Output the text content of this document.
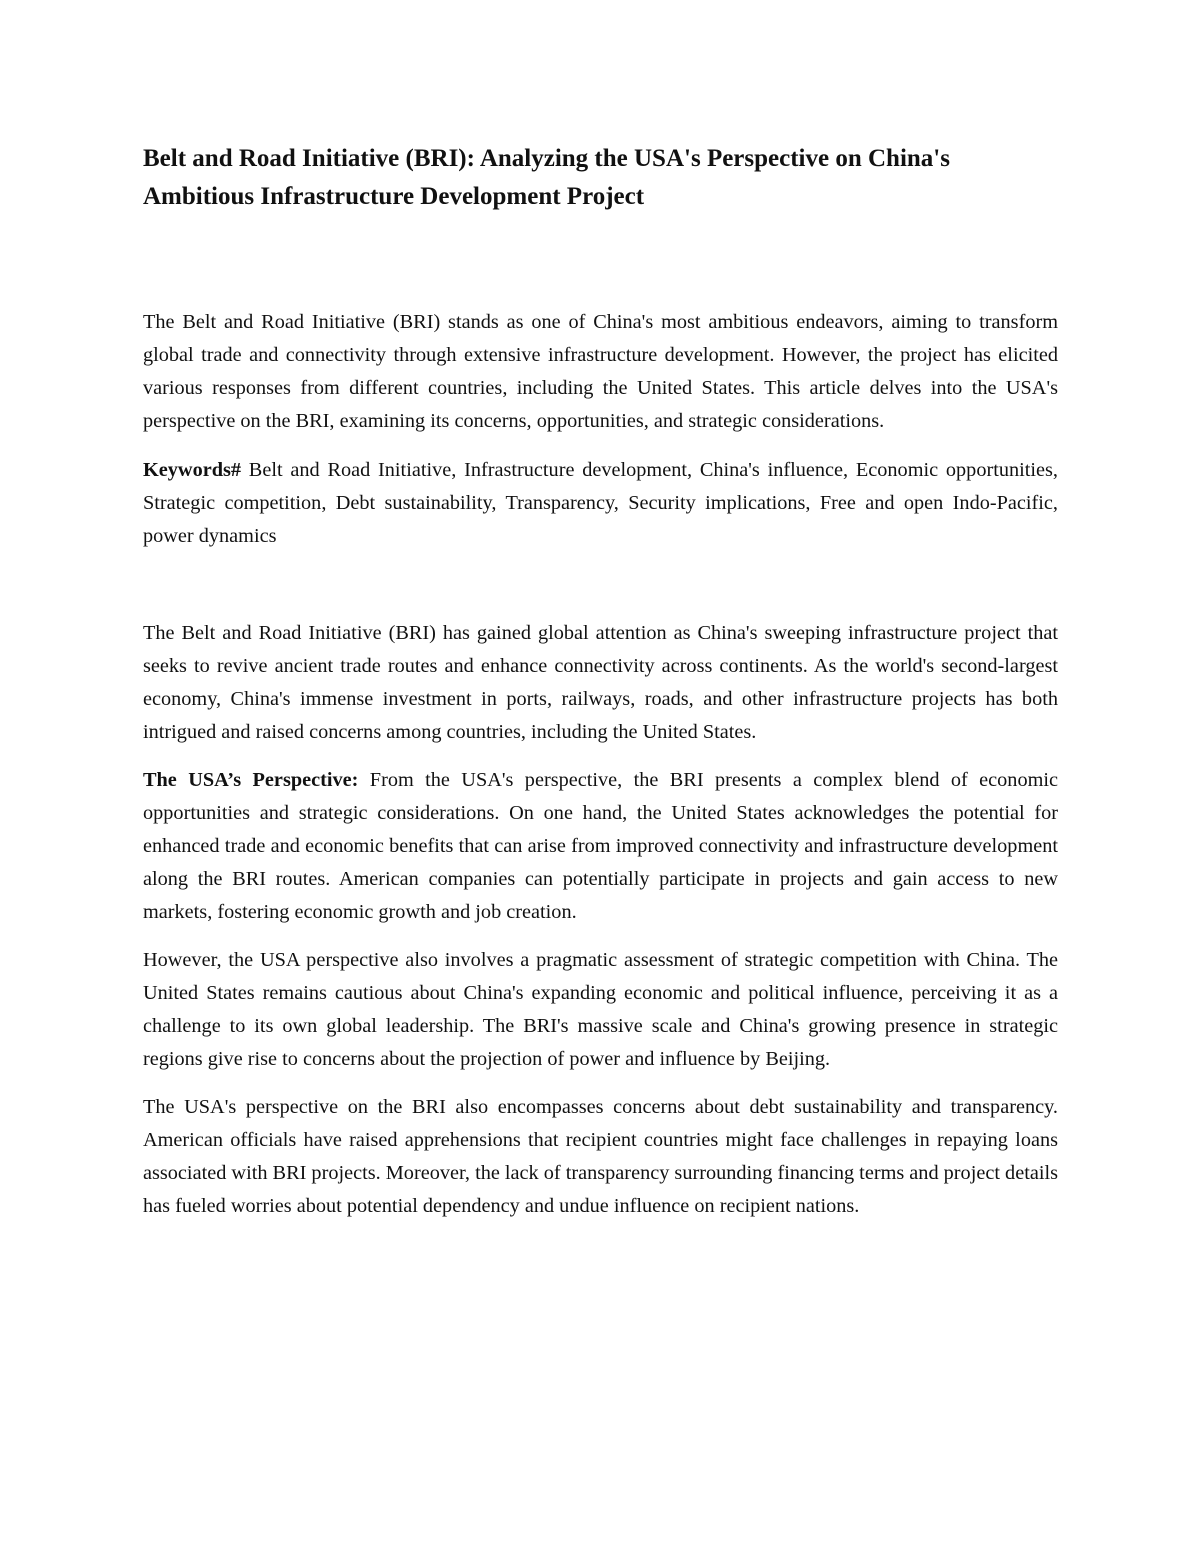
Belt and Road Initiative (BRI): Analyzing the USA's Perspective on China's Ambitious Infrastructure Development Project

The Belt and Road Initiative (BRI) stands as one of China's most ambitious endeavors, aiming to transform global trade and connectivity through extensive infrastructure development. However, the project has elicited various responses from different countries, including the United States. This article delves into the USA's perspective on the BRI, examining its concerns, opportunities, and strategic considerations.

Keywords# Belt and Road Initiative, Infrastructure development, China's influence, Economic opportunities, Strategic competition, Debt sustainability, Transparency, Security implications, Free and open Indo-Pacific, power dynamics

The Belt and Road Initiative (BRI) has gained global attention as China's sweeping infrastructure project that seeks to revive ancient trade routes and enhance connectivity across continents. As the world's second-largest economy, China's immense investment in ports, railways, roads, and other infrastructure projects has both intrigued and raised concerns among countries, including the United States.

The USA’s Perspective: From the USA's perspective, the BRI presents a complex blend of economic opportunities and strategic considerations. On one hand, the United States acknowledges the potential for enhanced trade and economic benefits that can arise from improved connectivity and infrastructure development along the BRI routes. American companies can potentially participate in projects and gain access to new markets, fostering economic growth and job creation.

However, the USA perspective also involves a pragmatic assessment of strategic competition with China. The United States remains cautious about China's expanding economic and political influence, perceiving it as a challenge to its own global leadership. The BRI's massive scale and China's growing presence in strategic regions give rise to concerns about the projection of power and influence by Beijing.

The USA's perspective on the BRI also encompasses concerns about debt sustainability and transparency. American officials have raised apprehensions that recipient countries might face challenges in repaying loans associated with BRI projects. Moreover, the lack of transparency surrounding financing terms and project details has fueled worries about potential dependency and undue influence on recipient nations.
